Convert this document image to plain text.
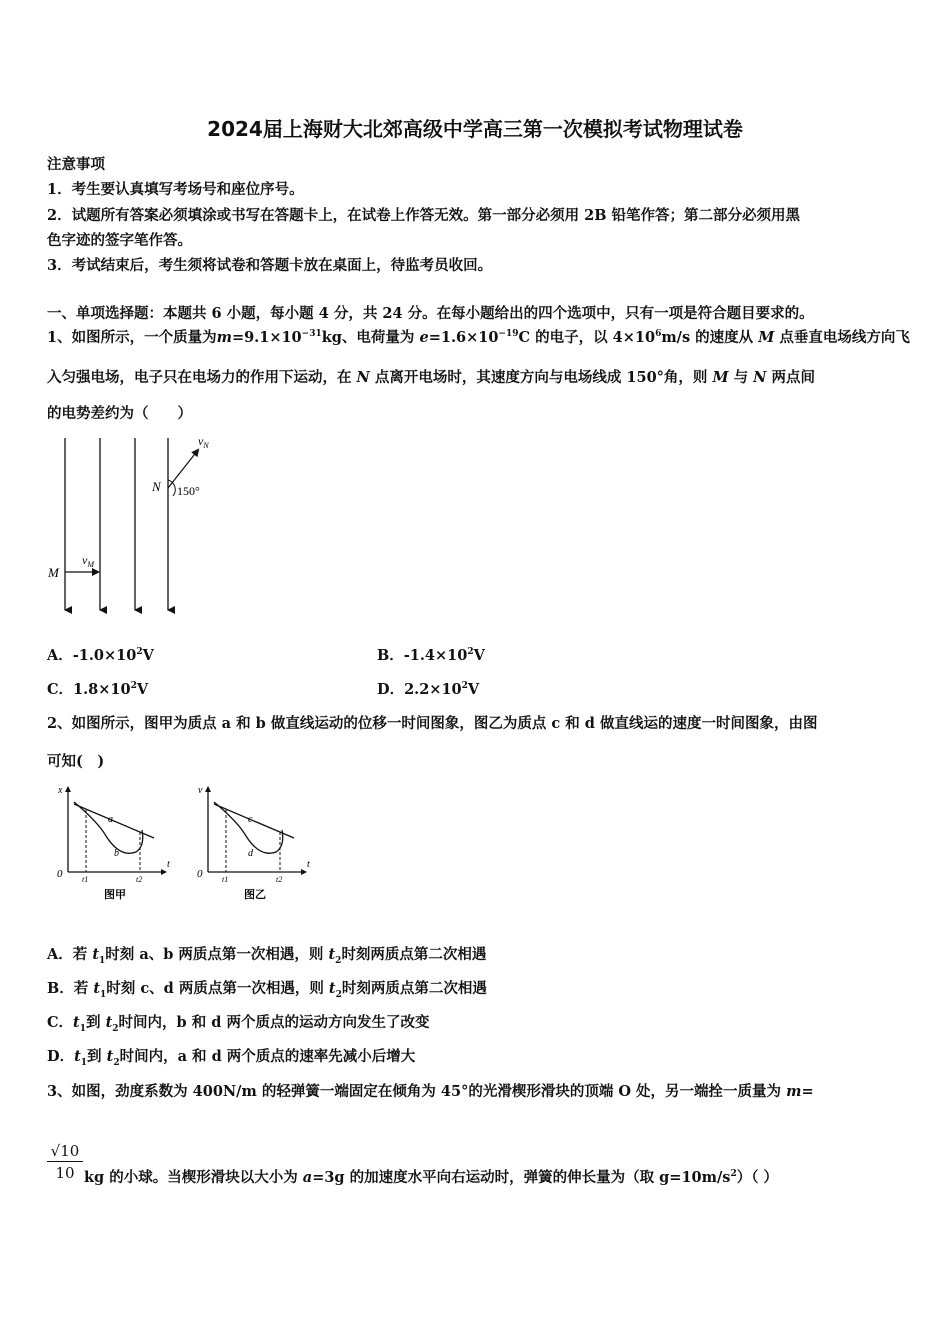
2024届上海财大北郊高级中学高三第一次模拟考试物理试卷
注意事项
1．考生要认真填写考场号和座位序号。
2．试题所有答案必须填涂或书写在答题卡上，在试卷上作答无效。第一部分必须用 2B 铅笔作答；第二部分必须用黑
色字迹的签字笔作答。
3．考试结束后，考生须将试卷和答题卡放在桌面上，待监考员收回。
一、单项选择题：本题共 6 小题，每小题 4 分，共 24 分。在每小题给出的四个选项中，只有一项是符合题目要求的。
1、如图所示，一个质量为$m=9.1\times 10^{-31}kg$、电荷量为 $e=1.6\times 10^{-19}C$ 的电子，以 $4\times 10^6m/s$ 的速度从 M 点垂直电场线方向飞
入匀强电场，电子只在电场力的作用下运动，在 N 点离开电场时，其速度方向与电场线成 150°角，则 M 与 N 两点间
的电势差约为（　　）
$v_N$
N 150°
$v_M$
M
A．$-1.0\times 10^2V$	B．$-1.4\times 10^2V$
C．$1.8\times 10^2V$	D．$2.2\times 10^2V$
2、如图所示，图甲为质点 a 和 b 做直线运动的位移一时间图象，图乙为质点 c 和 d 做直线运的速度一时间图象，由图
可知(　)
x
0
t
a
b
t1	t2
图甲
v
0
t
c
d
t1	t2
图乙
A．若 $t_1$时刻 a、b 两质点第一次相遇，则 $t_2$时刻两质点第二次相遇
B．若 $t_1$时刻 c、d 两质点第一次相遇，则 $t_2$时刻两质点第二次相遇
C．$t_1$到 $t_2$时间内，b 和 d 两个质点的运动方向发生了改变
D．$t_1$到 $t_2$时间内，a 和 d 两个质点的速率先减小后增大
3、如图，劲度系数为 400N/m 的轻弹簧一端固定在倾角为 45°的光滑楔形滑块的顶端 O 处，另一端拴一质量为 m=
$\frac{√10}{10}$ kg 的小球。当楔形滑块以大小为 a=3g 的加速度水平向右运动时，弹簧的伸长量为（取 $g=10m/s^2$）（ ）
